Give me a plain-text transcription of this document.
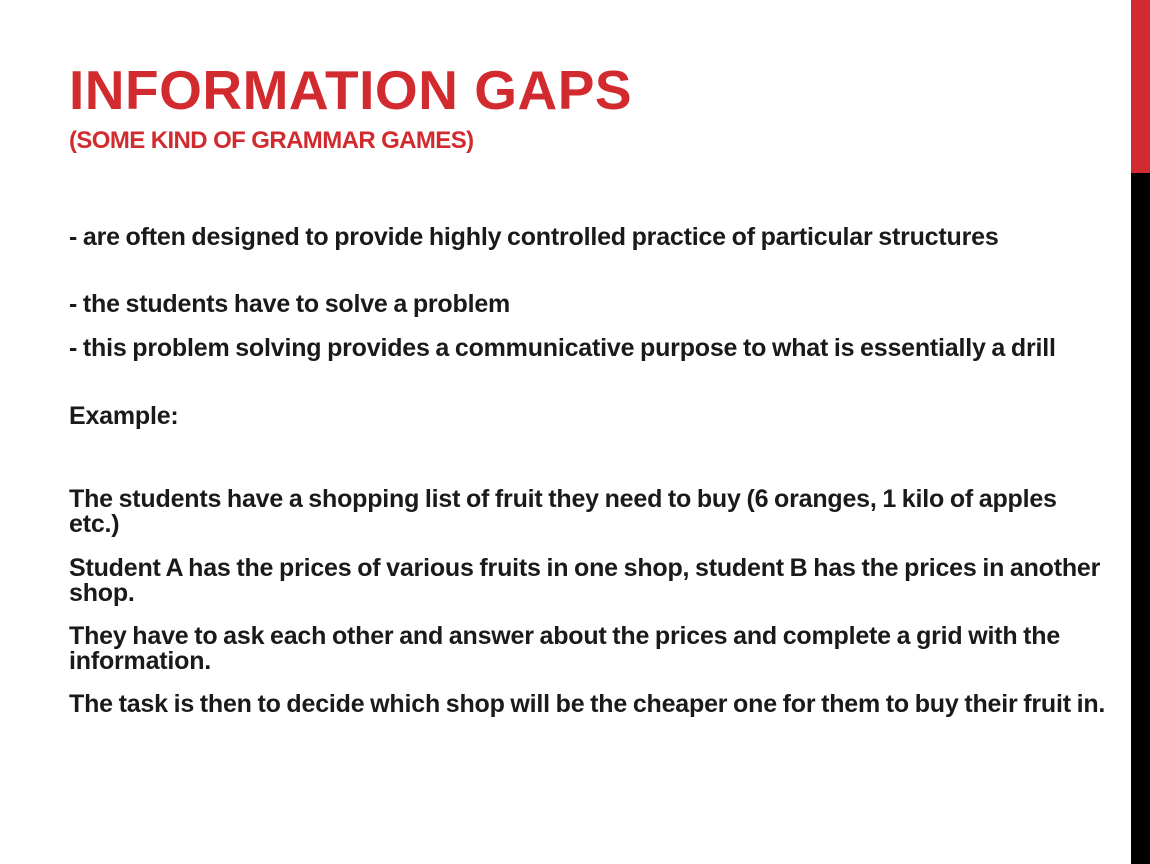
INFORMATION GAPS
(SOME KIND OF GRAMMAR GAMES)

- are often designed to provide highly controlled practice of particular structures

- the students have to solve a problem

- this problem solving provides a communicative purpose to what is essentially a drill

Example:

The students have a shopping list of fruit they need to buy (6 oranges, 1 kilo of apples etc.)

Student A has the prices of various fruits in one shop, student B has the prices in another shop.

They have to ask each other and answer about the prices and complete a grid with the information.

The task is then to decide which shop will be the cheaper one for them to buy their fruit in.
